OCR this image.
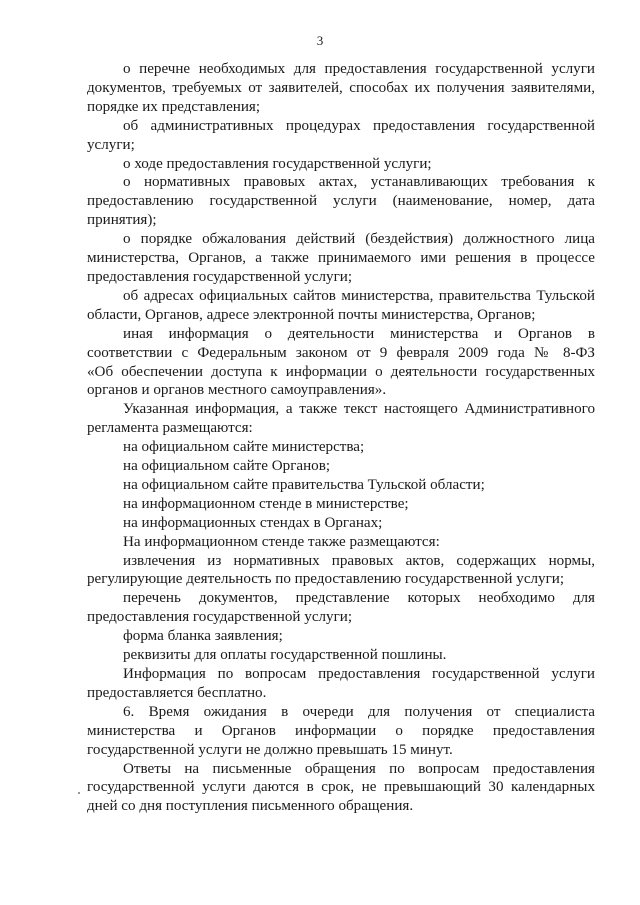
3
о перечне необходимых для предоставления государственной услуги
документов, требуемых от заявителей, способах их получения заявителями,
порядке их представления;
об административных процедурах предоставления государственной
услуги;
о ходе предоставления государственной услуги;
о нормативных правовых актах, устанавливающих требования к
предоставлению государственной услуги (наименование, номер, дата
принятия);
о порядке обжалования действий (бездействия) должностного лица
министерства, Органов, а также принимаемого ими решения в процессе
предоставления государственной услуги;
об адресах официальных сайтов министерства, правительства Тульской
области, Органов, адресе электронной почты министерства, Органов;
иная информация о деятельности министерства и Органов в
соответствии с Федеральным законом от 9 февраля 2009 года № 8-ФЗ
«Об обеспечении доступа к информации о деятельности государственных
органов и органов местного самоуправления».
Указанная информация, а также текст настоящего Административного
регламента размещаются:
на официальном сайте министерства;
на официальном сайте Органов;
на официальном сайте правительства Тульской области;
на информационном стенде в министерстве;
на информационных стендах в Органах;
На информационном стенде также размещаются:
извлечения из нормативных правовых актов, содержащих нормы,
регулирующие деятельность по предоставлению государственной услуги;
перечень документов, представление которых необходимо для
предоставления государственной услуги;
форма бланка заявления;
реквизиты для оплаты государственной пошлины.
Информация по вопросам предоставления государственной услуги
предоставляется бесплатно.
6. Время ожидания в очереди для получения от специалиста
министерства и Органов информации о порядке предоставления
государственной услуги не должно превышать 15 минут.
Ответы на письменные обращения по вопросам предоставления
государственной услуги даются в срок, не превышающий 30 календарных
дней со дня поступления письменного обращения.
